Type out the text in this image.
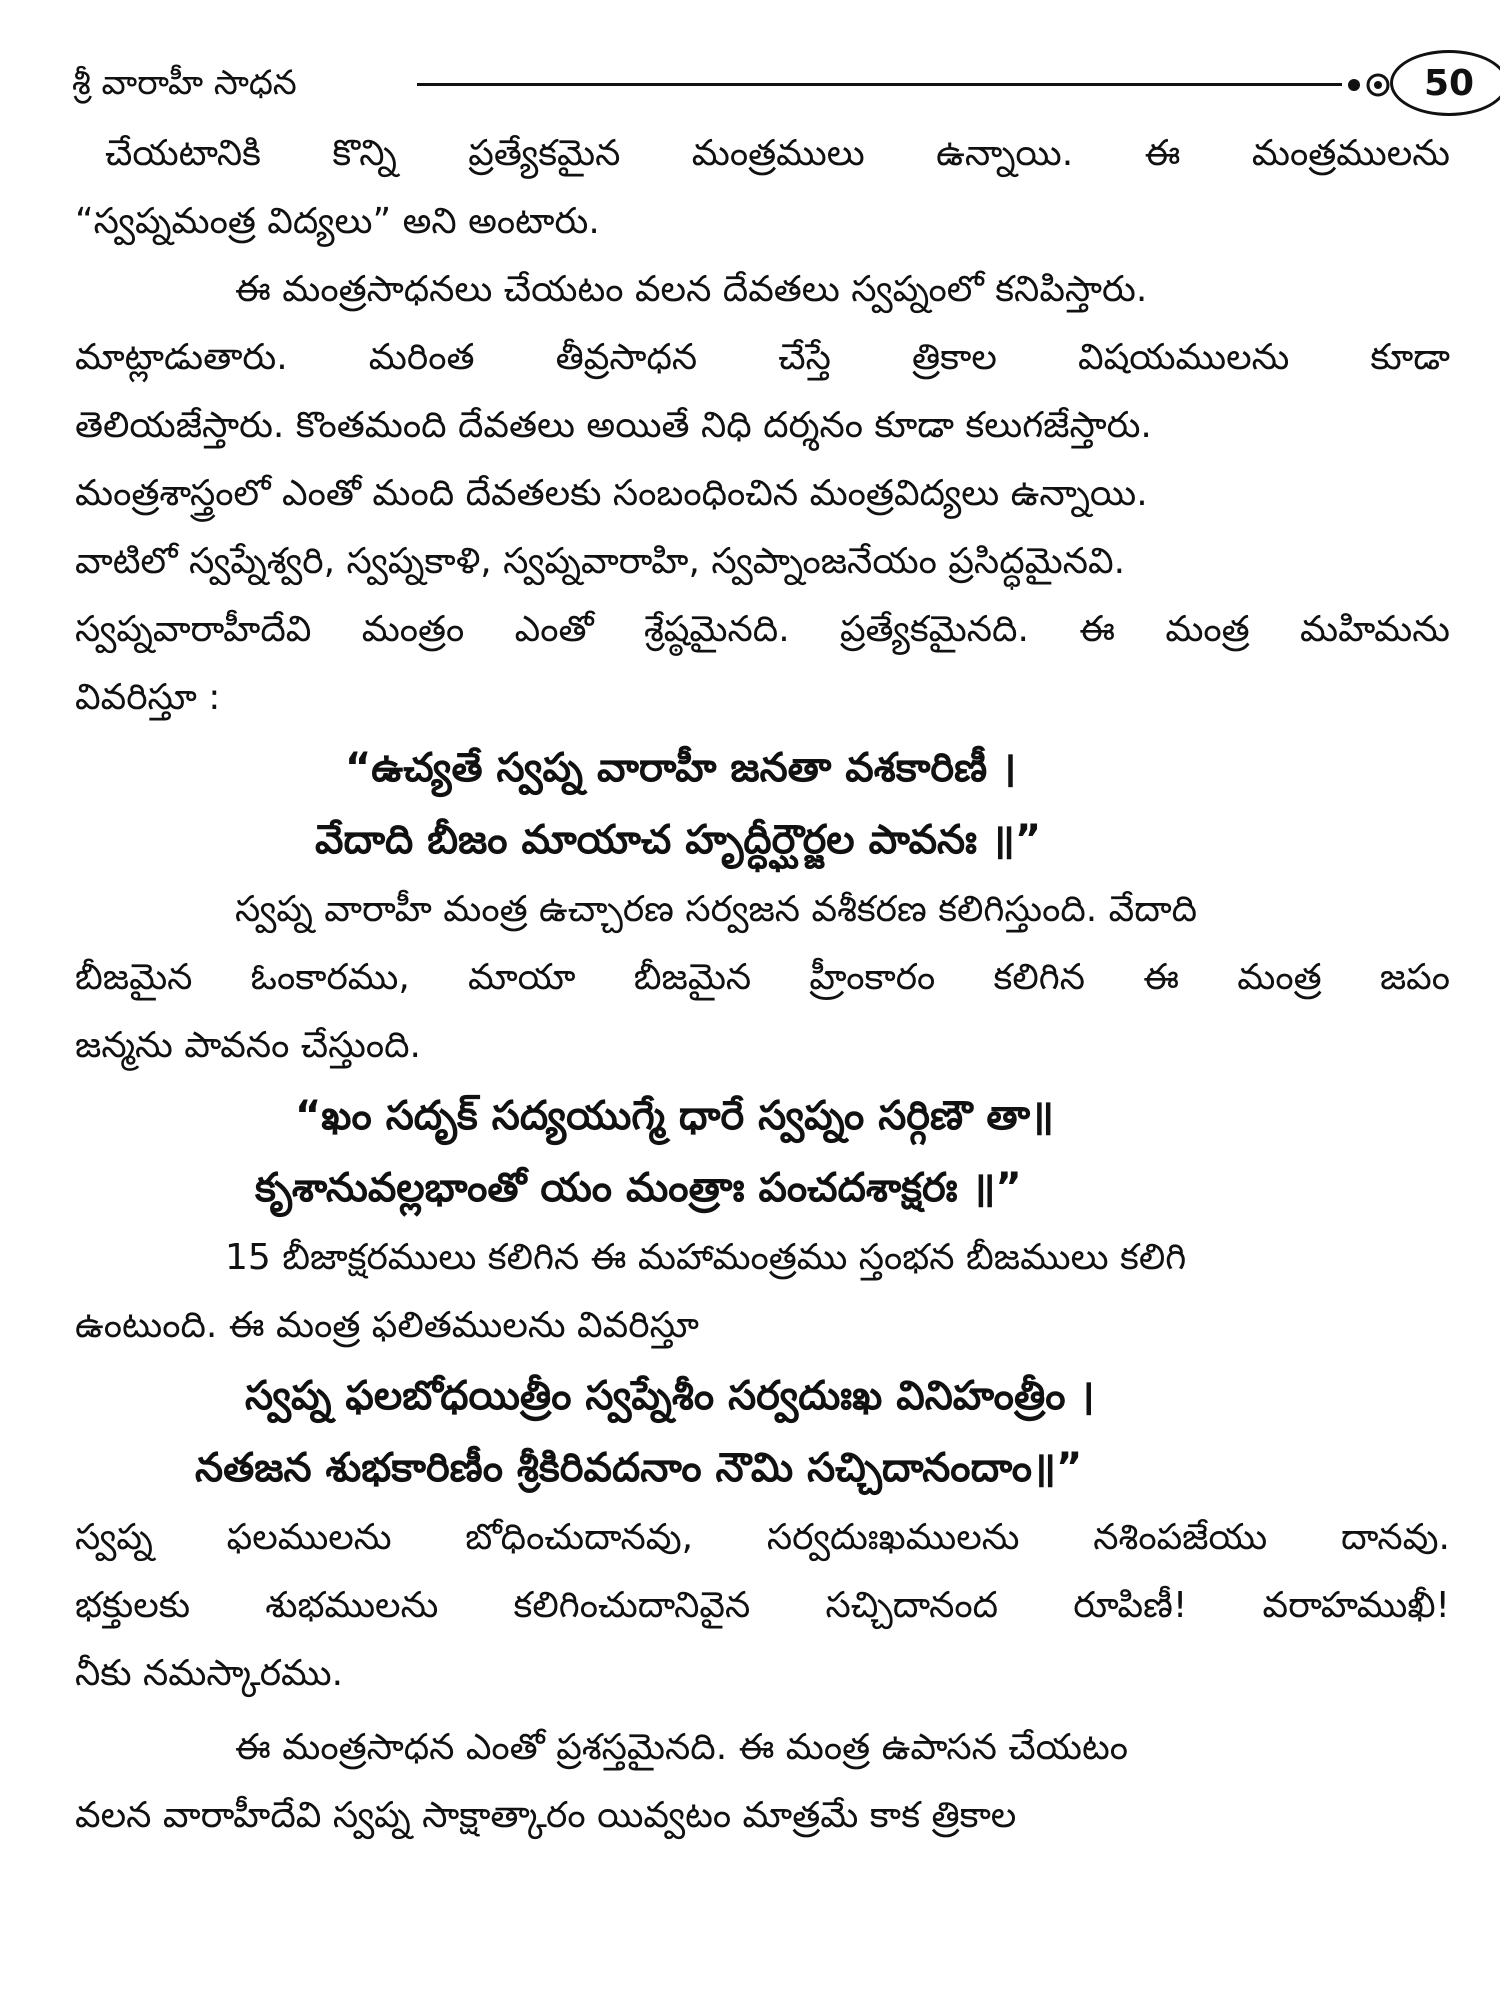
శ్రీ వారాహీ సాధన	50
చేయటానికి కొన్ని ప్రత్యేకమైన మంత్రములు ఉన్నాయి. ఈ మంత్రములను
“స్వప్నమంత్ర విద్యలు” అని అంటారు.
ఈ మంత్రసాధనలు చేయటం వలన దేవతలు స్వప్నంలో కనిపిస్తారు.
మాట్లాడుతారు. మరింత తీవ్రసాధన చేస్తే త్రికాల విషయములను కూడా
తెలియజేస్తారు. కొంతమంది దేవతలు అయితే నిధి దర్శనం కూడా కలుగజేస్తారు.
మంత్రశాస్త్రంలో ఎంతో మంది దేవతలకు సంబంధించిన మంత్రవిద్యలు ఉన్నాయి.
వాటిలో స్వప్నేశ్వరి, స్వప్నకాళి, స్వప్నవారాహి, స్వప్నాంజనేయం ప్రసిద్ధమైనవి.
స్వప్నవారాహీదేవి మంత్రం ఎంతో శ్రేష్ఠమైనది. ప్రత్యేకమైనది. ఈ మంత్ర మహిమను
వివరిస్తూ :
“ఉచ్యతే స్వప్న వారాహీ జనతా వశకారిణీ ।
వేదాది బీజం మాయాచ హృద్ధీర్ఘౌర్జల పావనః ॥”
స్వప్న వారాహీ మంత్ర ఉచ్చారణ సర్వజన వశీకరణ కలిగిస్తుంది. వేదాది
బీజమైన ఓంకారము, మాయా బీజమైన హ్రీంకారం కలిగిన ఈ మంత్ర జపం
జన్మను పావనం చేస్తుంది.
“ఖం సదృక్ సద్యయుగ్మే ధారే స్వప్నం సర్గిణౌ తా॥
కృశానువల్లభాంతో యం మంత్రాః పంచదశాక్షరః ॥”
15 బీజాక్షరములు కలిగిన ఈ మహామంత్రము స్తంభన బీజములు కలిగి
ఉంటుంది. ఈ మంత్ర ఫలితములను వివరిస్తూ
స్వప్న ఫలబోధయిత్రీం స్వప్నేశీం సర్వదుఃఖ వినిహంత్రీం ।
నతజన శుభకారిణీం శ్రీకిరివదనాం నౌమి సచ్చిదానందాం॥”
స్వప్న ఫలములను బోధించుదానవు, సర్వదుఃఖములను నశింపజేయు దానవు.
భక్తులకు శుభములను కలిగించుదానివైన సచ్చిదానంద రూపిణీ! వరాహముఖీ!
నీకు నమస్కారము.
ఈ మంత్రసాధన ఎంతో ప్రశస్తమైనది. ఈ మంత్ర ఉపాసన చేయటం
వలన వారాహీదేవి స్వప్న సాక్షాత్కారం యివ్వటం మాత్రమే కాక త్రికాల
